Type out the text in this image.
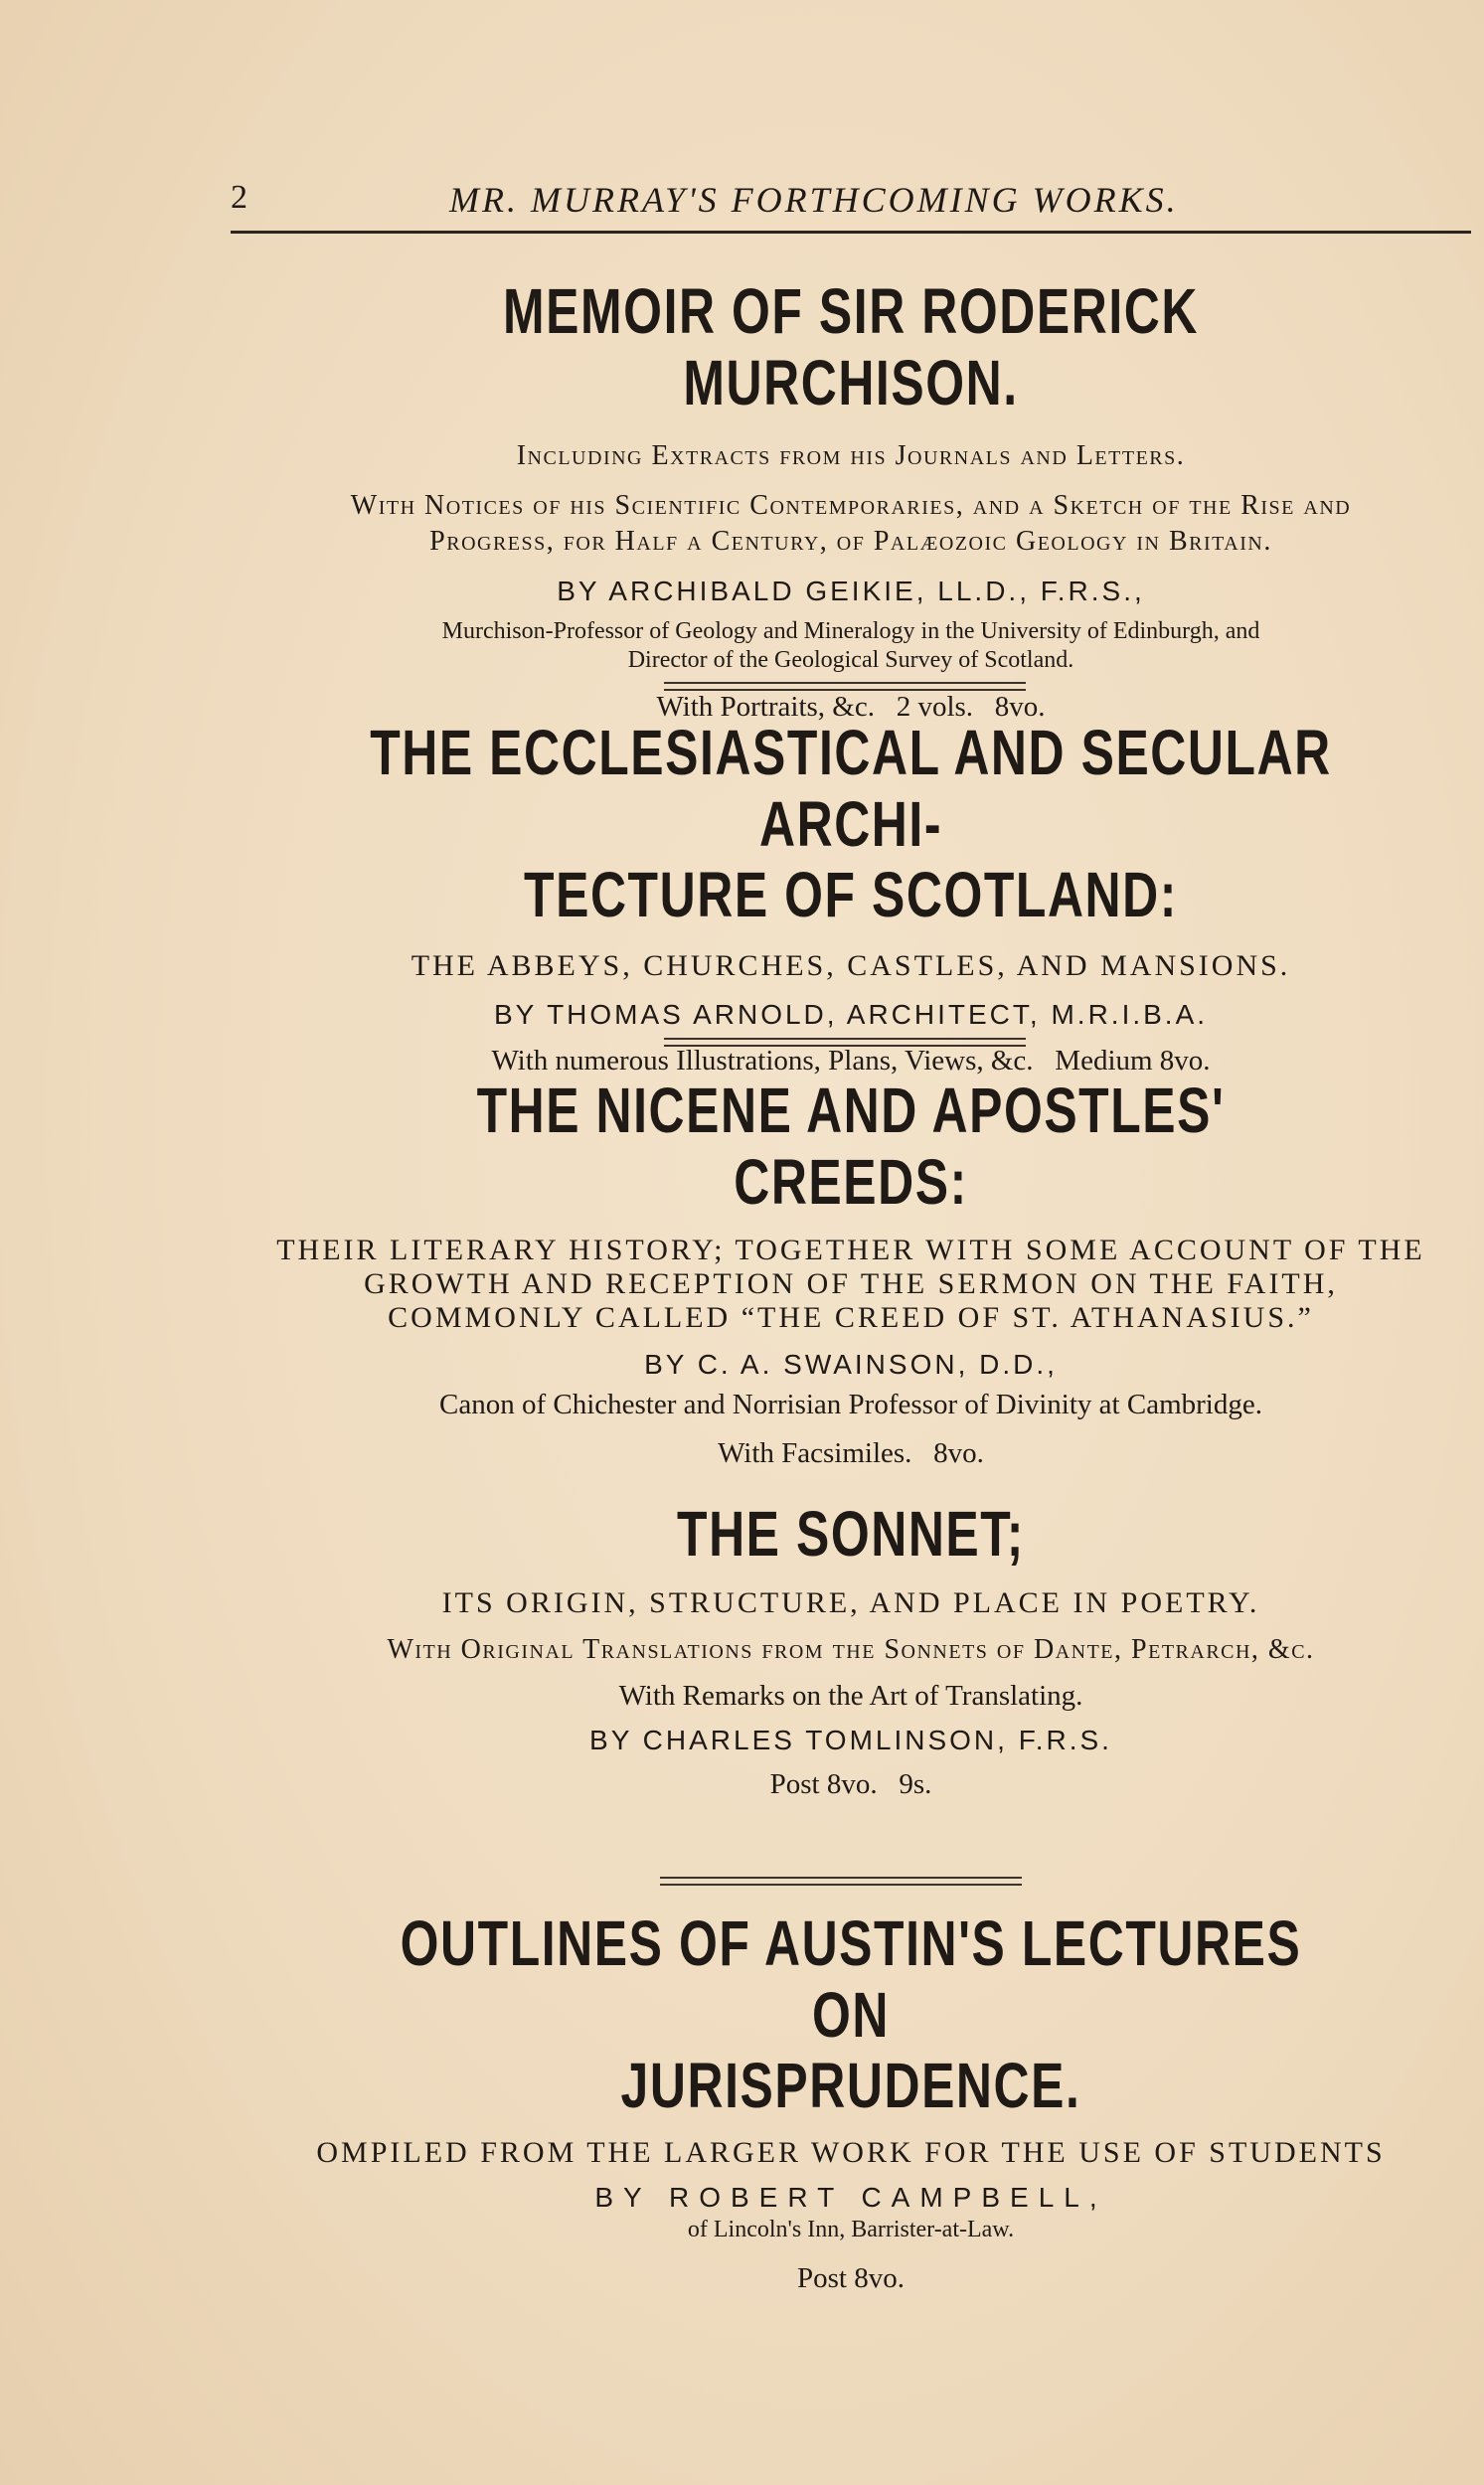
2	MR. MURRAY'S FORTHCOMING WORKS.

MEMOIR OF SIR RODERICK MURCHISON.

Including Extracts from his Journals and Letters.

With Notices of his Scientific Contemporaries, and a Sketch of the Rise and

Progress, for Half a Century, of Palæozoic Geology in Britain.

BY ARCHIBALD GEIKIE, LL.D., F.R.S.,

Murchison-Professor of Geology and Mineralogy in the University of Edinburgh, and

Director of the Geological Survey of Scotland.

With Portraits, &c.   2 vols.   8vo.

THE ECCLESIASTICAL AND SECULAR ARCHI-

TECTURE OF SCOTLAND:

THE ABBEYS, CHURCHES, CASTLES, AND MANSIONS.

BY THOMAS ARNOLD, ARCHITECT, M.R.I.B.A.

With numerous Illustrations, Plans, Views, &c.   Medium 8vo.

THE NICENE AND APOSTLES' CREEDS:

THEIR LITERARY HISTORY; TOGETHER WITH SOME ACCOUNT OF THE

GROWTH AND RECEPTION OF THE SERMON ON THE FAITH,

COMMONLY CALLED “THE CREED OF ST. ATHANASIUS.”

BY C. A. SWAINSON, D.D.,

Canon of Chichester and Norrisian Professor of Divinity at Cambridge.

With Facsimiles.   8vo.

THE SONNET;

ITS ORIGIN, STRUCTURE, AND PLACE IN POETRY.

With Original Translations from the Sonnets of Dante, Petrarch, &c.

With Remarks on the Art of Translating.

BY CHARLES TOMLINSON, F.R.S.

Post 8vo.   9s.

OUTLINES OF AUSTIN'S LECTURES ON

JURISPRUDENCE.

OMPILED FROM THE LARGER WORK FOR THE USE OF STUDENTS

BY ROBERT CAMPBELL,

of Lincoln's Inn, Barrister-at-Law.

Post 8vo.
